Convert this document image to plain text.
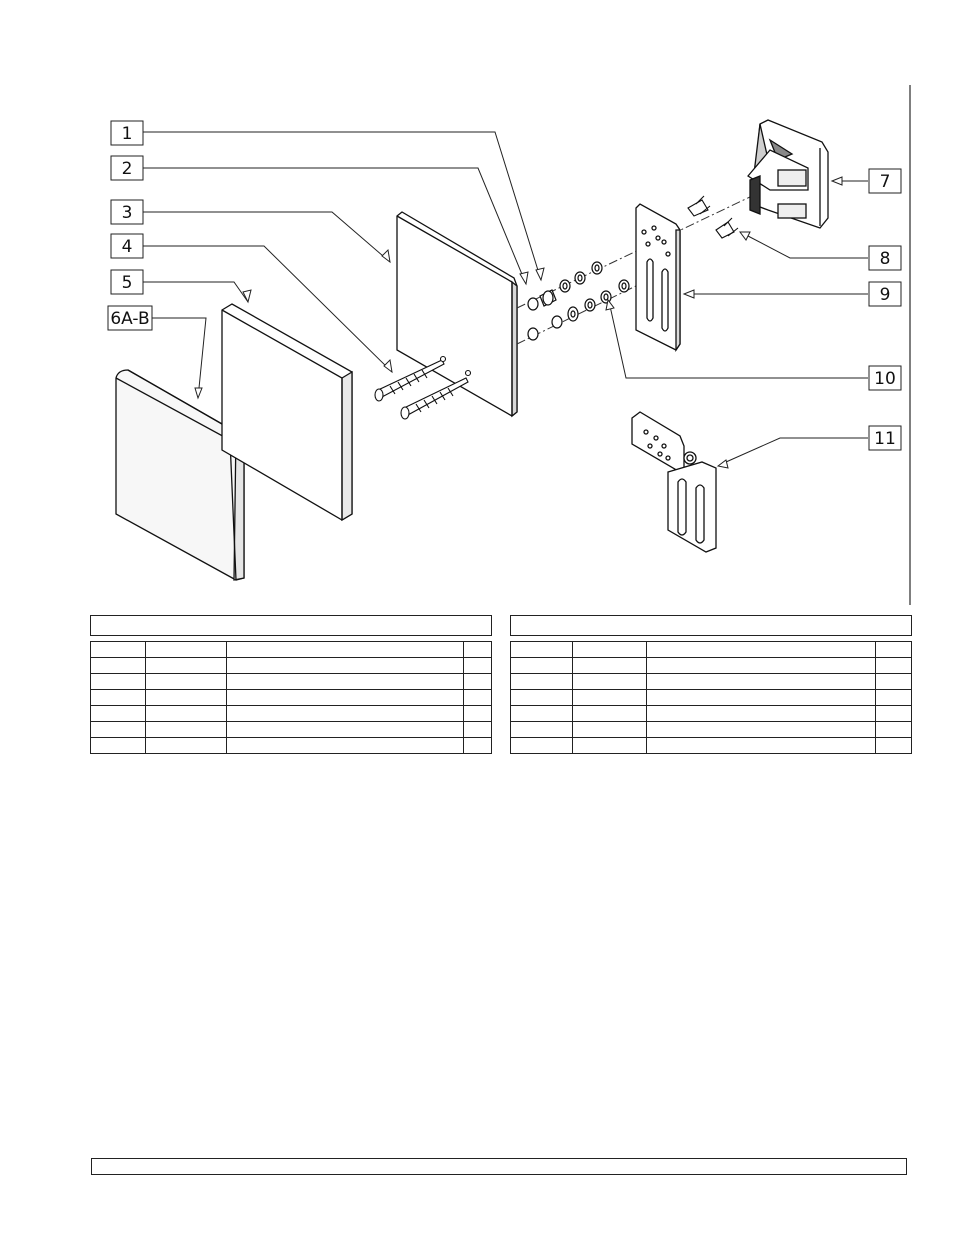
1
2
3
4
5
6A-B
7
8
9
10
11
